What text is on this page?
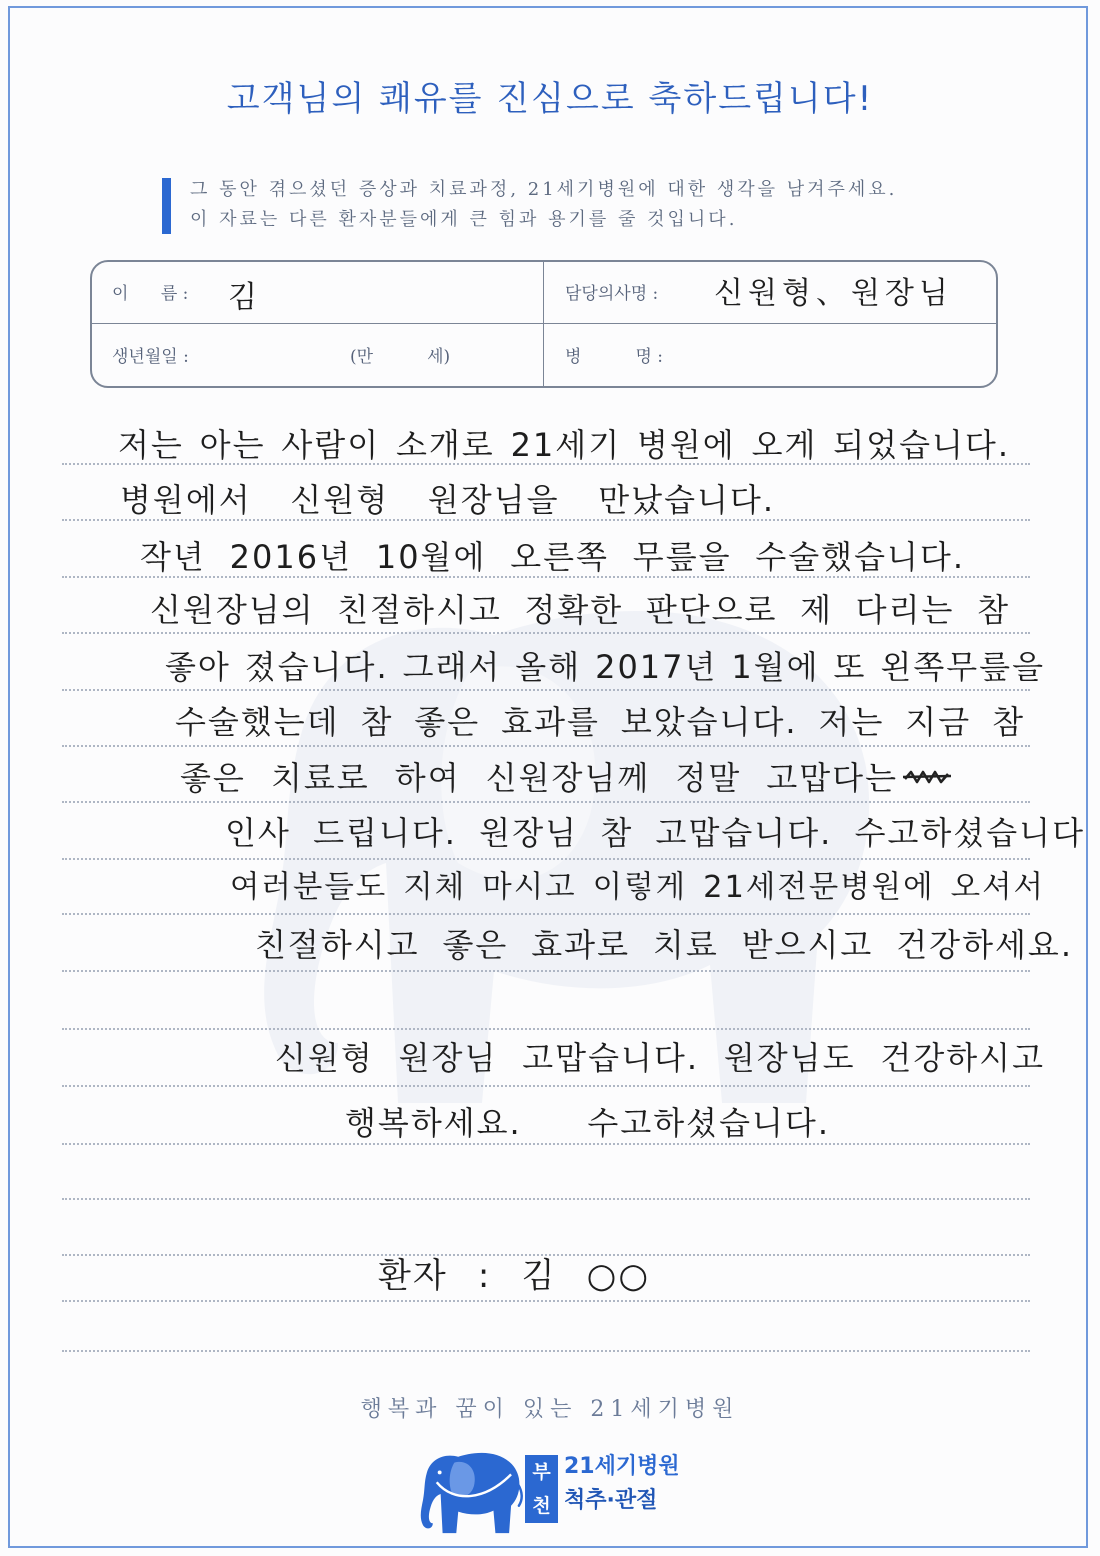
고객님의 쾌유를 진심으로 축하드립니다!
그 동안 겪으셨던 증상과 치료과정, 21세기병원에 대한 생각을 남겨주세요.
이 자료는 다른 환자분들에게 큰 힘과 용기를 줄 것입니다.
이      름 : 김	담당의사명 : 신원형、원장님
생년월일 :	(만          세)	병          명 :
저는 아는 사람이 소개로 21세기 병원에 오게 되었습니다.
병원에서 신원형 원장님을 만났습니다.
작년 2016년 10월에 오른쪽 무릎을 수술했습니다.
신원장님의 친절하시고 정확한 판단으로 제 다리는 참
좋아 졌습니다. 그래서 올해 2017년 1월에 또 왼쪽무릎을
수술했는데 참 좋은 효과를 보았습니다. 저는 지금 참
좋은 치료로 하여 신원장님께 정말 고맙다는
인사 드립니다. 원장님 참 고맙습니다. 수고하셨습니다
여러분들도 지체 마시고 이렇게 21세전문병원에 오셔서
친절하시고 좋은 효과로 치료 받으시고 건강하세요.
신원형 원장님 고맙습니다. 원장님도 건강하시고
행복하세요. 수고하셨습니다.
환자 : 김 ○○
행복과 꿈이 있는 21세기병원
부
천
21세기병원
척추·관절
